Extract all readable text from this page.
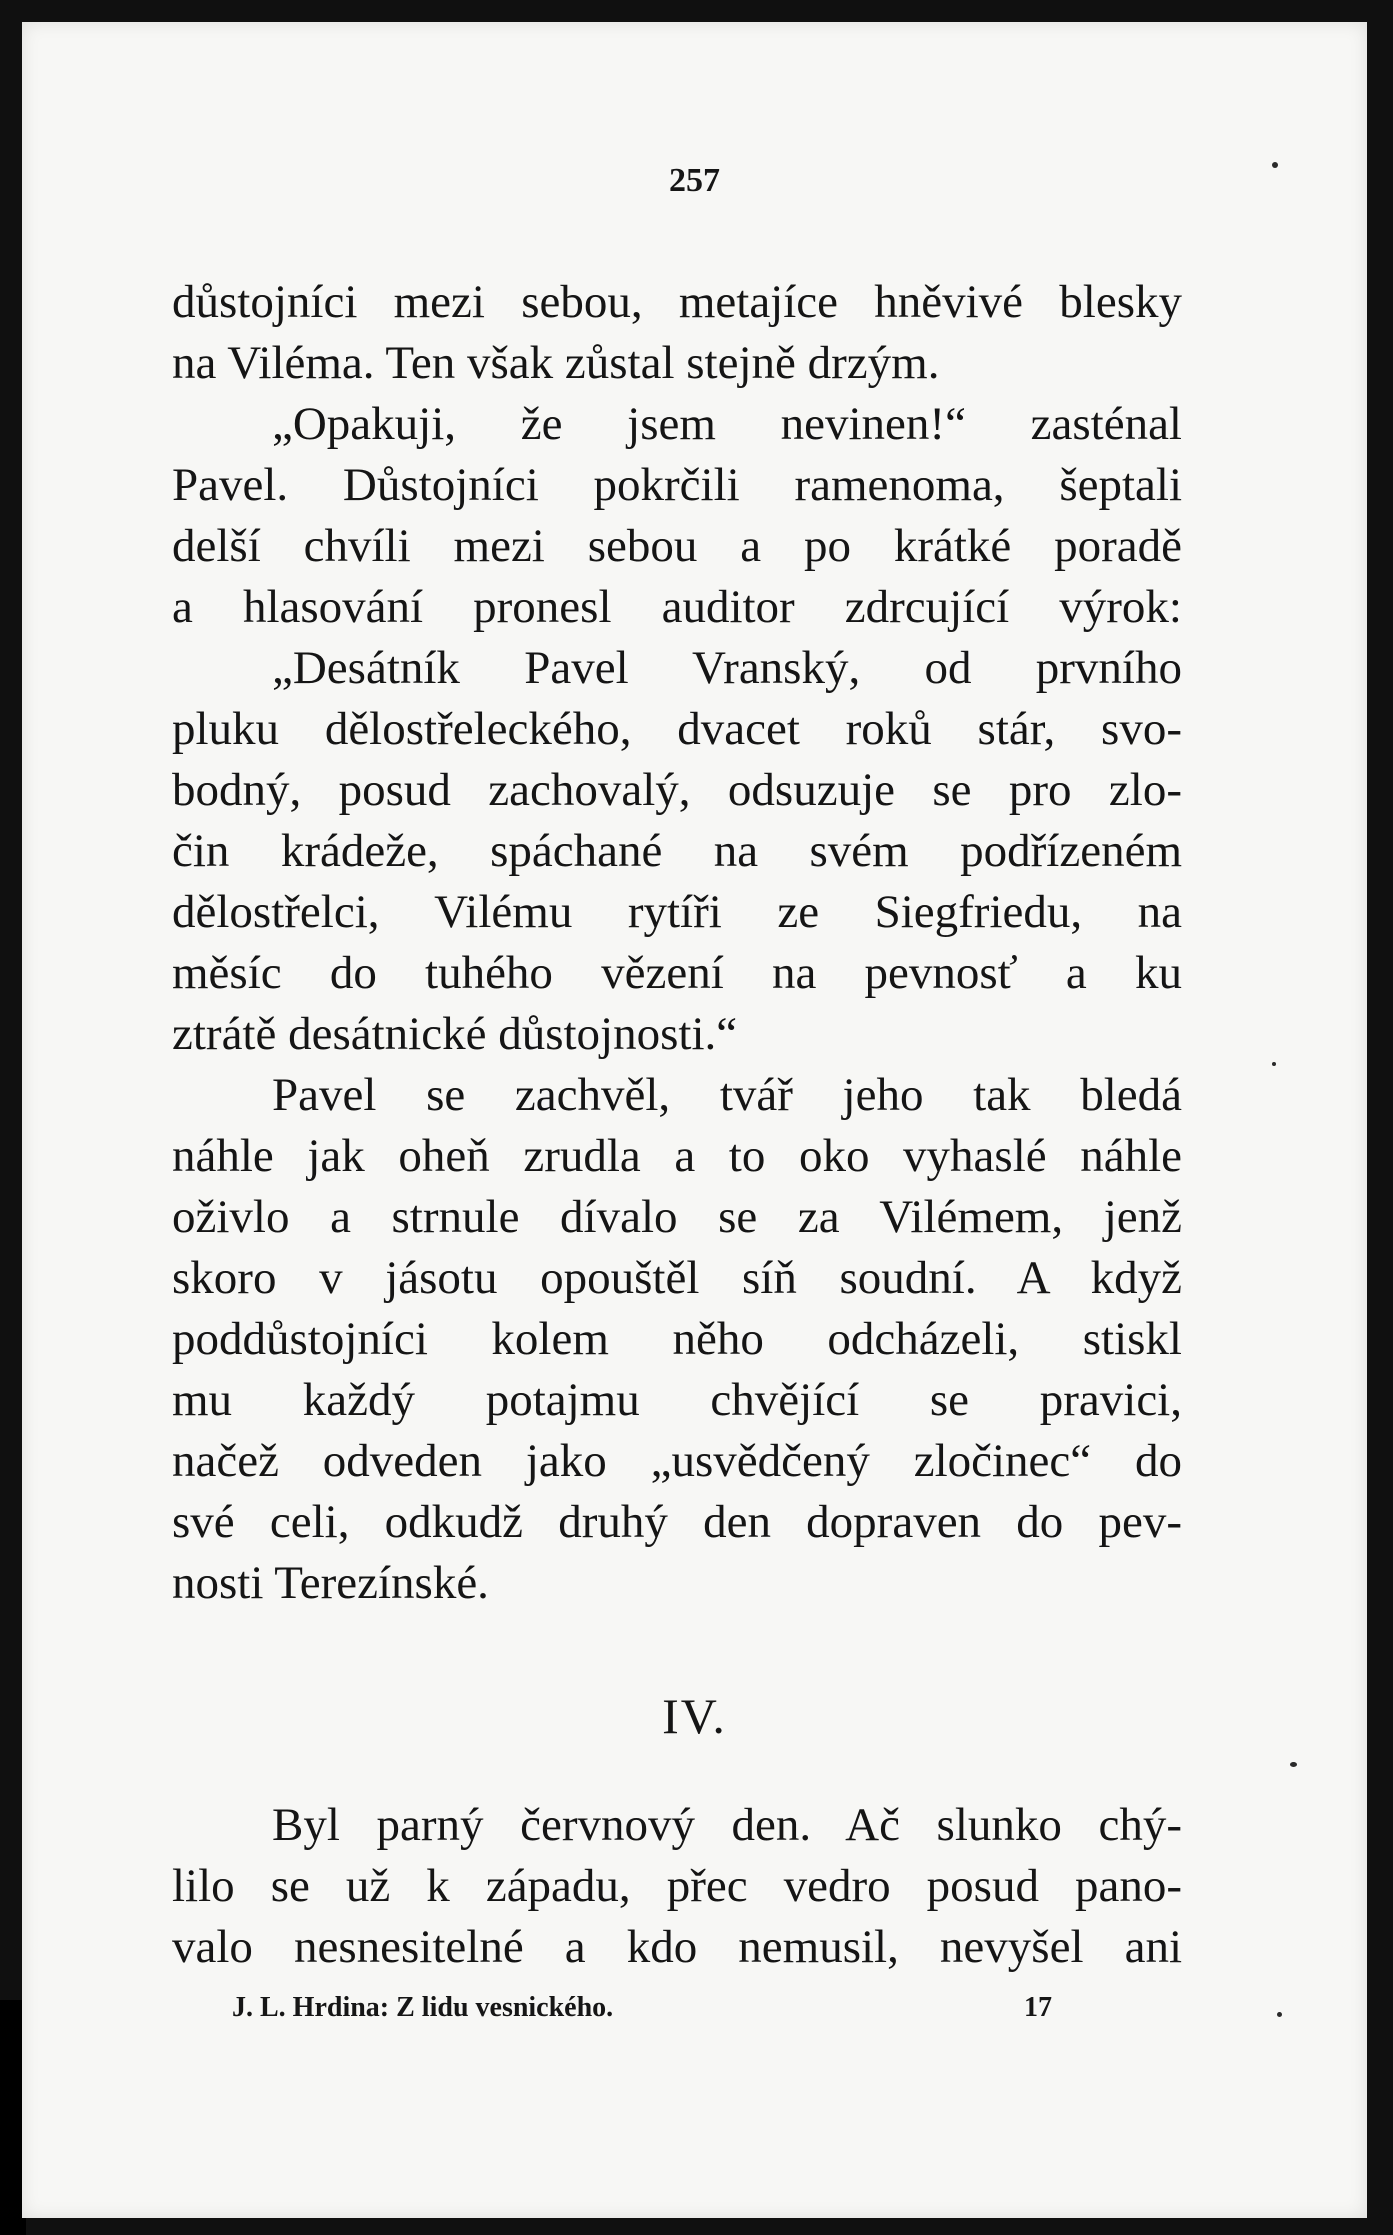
257

důstojníci mezi sebou, metajíce hněvivé blesky
na Viléma. Ten však zůstal stejně drzým.
„Opakuji, že jsem nevinen!“ zasténal
Pavel. Důstojníci pokrčili ramenoma, šeptali
delší chvíli mezi sebou a po krátké poradě
a hlasování pronesl auditor zdrcující výrok:
„Desátník Pavel Vranský, od prvního
pluku dělostřeleckého, dvacet roků stár, svo-
bodný, posud zachovalý, odsuzuje se pro zlo-
čin krádeže, spáchané na svém podřízeném
dělostřelci, Vilému rytíři ze Siegfriedu, na
měsíc do tuhého vězení na pevnosť a ku
ztrátě desátnické důstojnosti.“
Pavel se zachvěl, tvář jeho tak bledá
náhle jak oheň zrudla a to oko vyhaslé náhle
oživlo a strnule dívalo se za Vilémem, jenž
skoro v jásotu opouštěl síň soudní. A když
poddůstojníci kolem něho odcházeli, stiskl
mu každý potajmu chvějící se pravici,
načež odveden jako „usvědčený zločinec“ do
své celi, odkudž druhý den dopraven do pev-
nosti Terezínské.

IV.

Byl parný červnový den. Ač slunko chý-
lilo se už k západu, přec vedro posud pano-
valo nesnesitelné a kdo nemusil, nevyšel ani
J. L. Hrdina: Z lidu vesnického.	17
